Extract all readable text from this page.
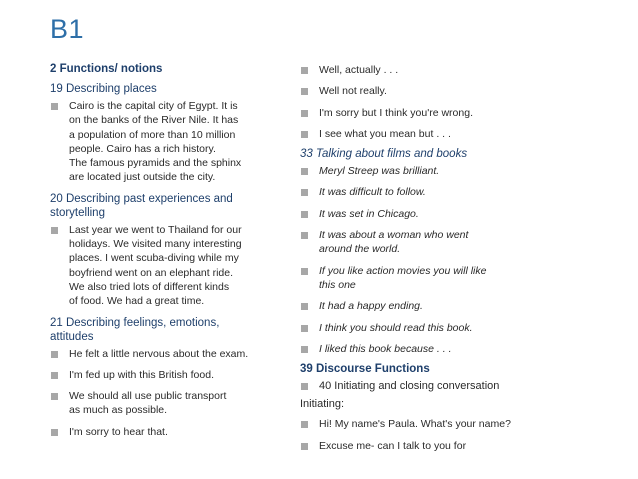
B1
2 Functions/ notions
19 Describing places
Cairo is the capital city of Egypt. It is
on the banks of the River Nile. It has
a population of more than 10 million
people. Cairo has a rich history.
The famous pyramids and the sphinx
are located just outside the city.
20 Describing past experiences and
storytelling
Last year we went to Thailand for our
holidays. We visited many interesting
places. I went scuba-diving while my
boyfriend went on an elephant ride.
We also tried lots of different kinds
of food. We had a great time.
21 Describing feelings, emotions,
attitudes
He felt a little nervous about the exam.
I'm fed up with this British food.
We should all use public transport
as much as possible.
I'm sorry to hear that.
Well, actually . . .
Well not really.
I'm sorry but I think you're wrong.
I see what you mean but . . .
33 Talking about films and books
Meryl Streep was brilliant.
It was difficult to follow.
It was set in Chicago.
It was about a woman who went
around the world.
If you like action movies you will like
this one
It had a happy ending.
I think you should read this book.
I liked this book because . . .
39 Discourse Functions
40 Initiating and closing conversation
Initiating:
Hi! My name's Paula. What's your name?
Excuse me- can I talk to you for
